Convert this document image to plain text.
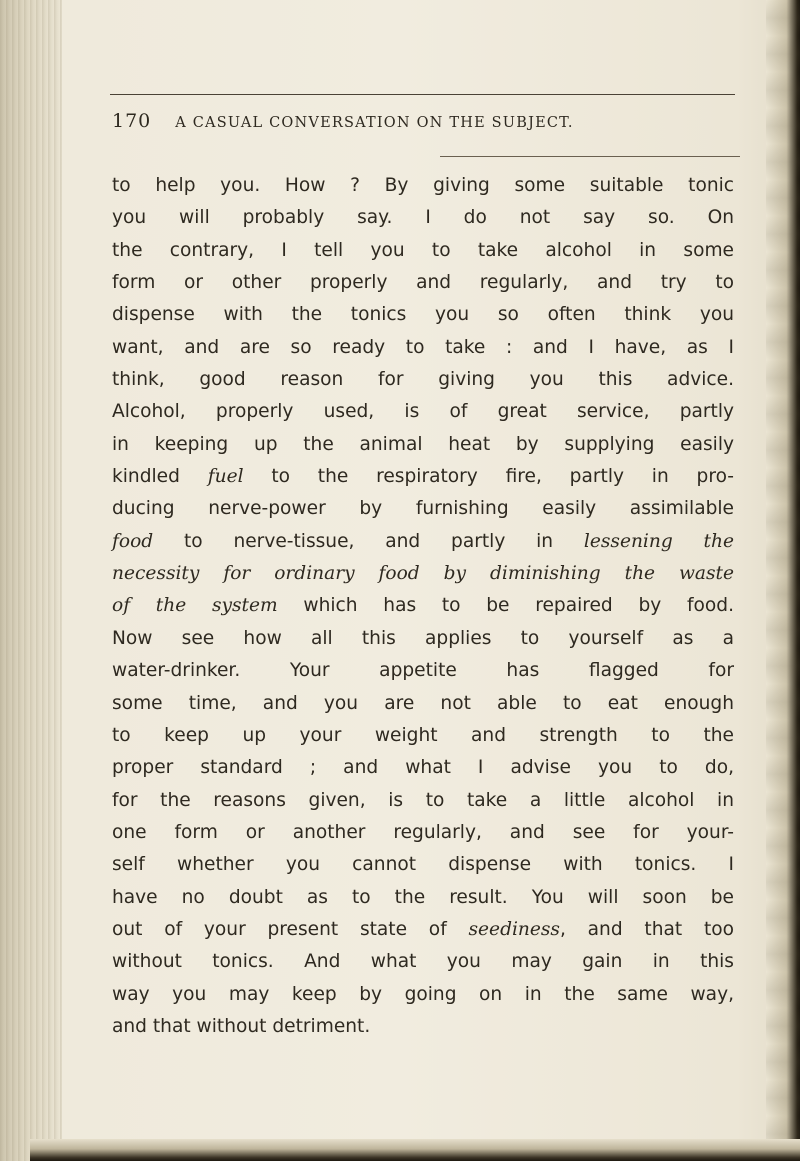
170 A CASUAL CONVERSATION ON THE SUBJECT.
to help you. How ? By giving some suitable tonic
you will probably say. I do not say so. On
the contrary, I tell you to take alcohol in some
form or other properly and regularly, and try to
dispense with the tonics you so often think you
want, and are so ready to take : and I have, as I
think, good reason for giving you this advice.
Alcohol, properly used, is of great service, partly
in keeping up the animal heat by supplying easily
kindled fuel to the respiratory fire, partly in pro-
ducing nerve-power by furnishing easily assimilable
food to nerve-tissue, and partly in lessening the
necessity for ordinary food by diminishing the waste
of the system which has to be repaired by food.
Now see how all this applies to yourself as a
water-drinker. Your appetite has flagged for
some time, and you are not able to eat enough
to keep up your weight and strength to the
proper standard ; and what I advise you to do,
for the reasons given, is to take a little alcohol in
one form or another regularly, and see for your-
self whether you cannot dispense with tonics. I
have no doubt as to the result. You will soon be
out of your present state of seediness, and that too
without tonics. And what you may gain in this
way you may keep by going on in the same way,
and that without detriment.
